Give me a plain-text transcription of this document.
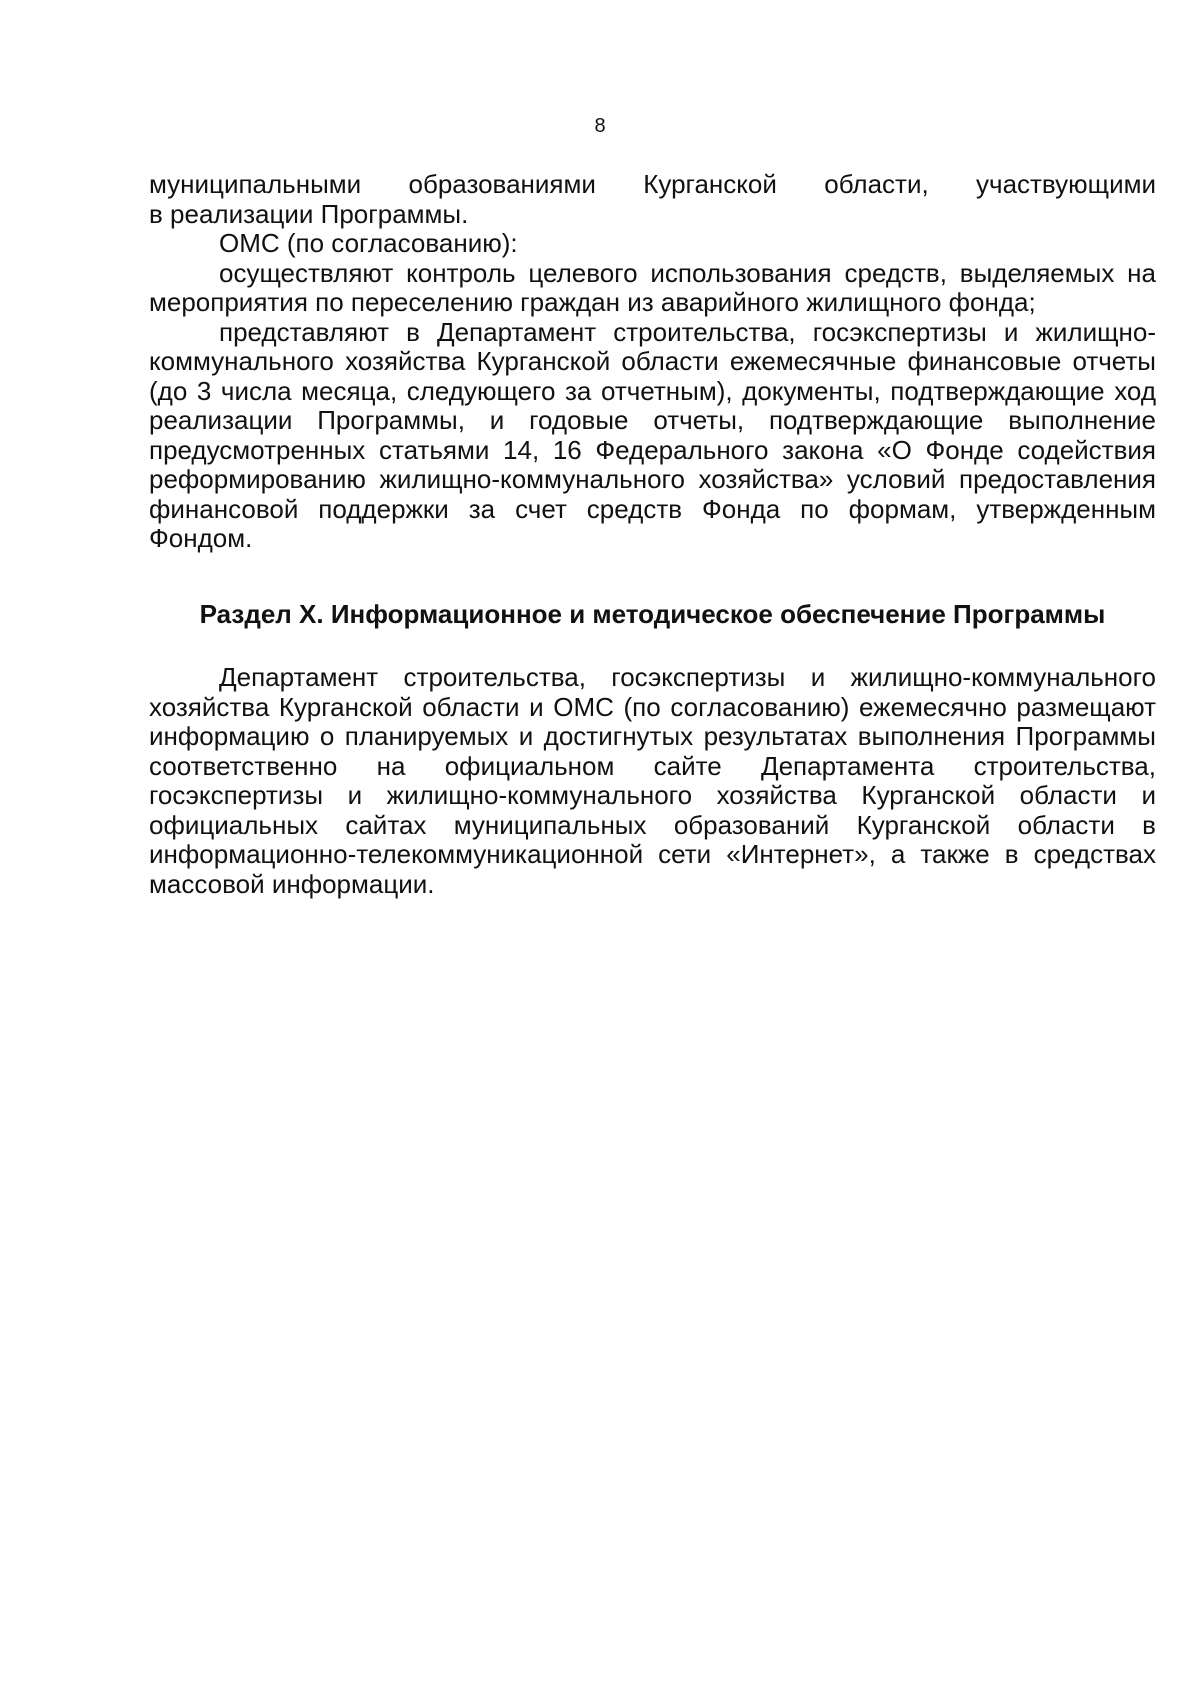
8

муниципальными образованиями Курганской области, участвующими

в реализации Программы.

ОМС (по согласованию):

осуществляют контроль целевого использования средств, выделяемых на мероприятия по переселению граждан из аварийного жилищного фонда;

представляют в Департамент строительства, госэкспертизы и жилищно-коммунального хозяйства Курганской области ежемесячные финансовые отчеты (до 3 числа месяца, следующего за отчетным), документы, подтверждающие ход реализации Программы, и годовые отчеты, подтверждающие выполнение предусмотренных статьями 14, 16 Федерального закона «О Фонде содействия реформированию жилищно-коммунального хозяйства» условий предоставления финансовой поддержки за счет средств Фонда по формам, утвержденным Фондом.

Раздел X. Информационное и методическое обеспечение Программы

Департамент строительства, госэкспертизы и жилищно-коммунального хозяйства Курганской области и ОМС (по согласованию) ежемесячно размещают информацию о планируемых и достигнутых результатах выполнения Программы соответственно на официальном сайте Департамента строительства, госэкспертизы и жилищно-коммунального хозяйства Курганской области и официальных сайтах муниципальных образований Курганской области в информационно-телекоммуникационной сети «Интернет», а также в средствах массовой информации.
